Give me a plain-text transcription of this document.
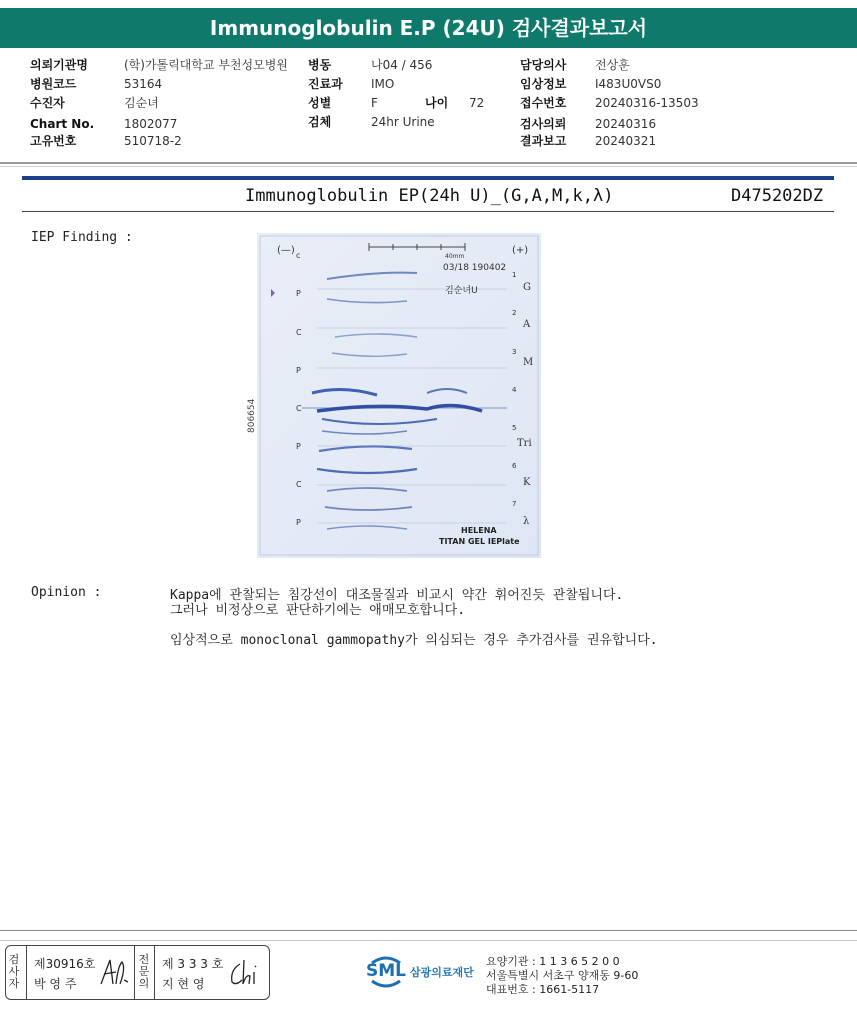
Immunoglobulin E.P (24U) 검사결과보고서
의뢰기관명	(학)가톨릭대학교 부천성모병원
병원코드	53164
수진자	김순녀
Chart No. 1802077
고유번호	510718-2
병동	나04 / 456
진료과 IMO
성별	F	나이 72
검체	24hr Urine
담당의사 전상훈
임상정보 I483U0VS0
접수번호 20240316-13503
검사의뢰 20240316
결과보고 20240321
Immunoglobulin EP(24h U)_(G,A,M,k,λ)	D475202DZ
IEP Finding :
(—)	(+)
40mm
03/18 190402
김순녀U
c
P
C
P
C
P
C
P
1
2
3
4
5
6
7
G
A
M
Tri
K
λ
806654
HELENA
TITAN GEL IEPlate
Opinion :	Kappa에 관찰되는 침강선이 대조물질과 비교시 약간 휘어진듯 관찰됩니다.
그러나 비정상으로 판단하기에는 애매모호합니다.
임상적으로 monoclonal gammopathy가 의심되는 경우 추가검사를 권유합니다.
검사자
제30916호
박 영 주
전문의
제 3 3 3 호
지 현 영
SML 삼광의료재단
요양기관 : 1 1 3 6 5 2 0 0
서울특별시 서초구 양재동 9-60
대표번호 : 1661-5117
